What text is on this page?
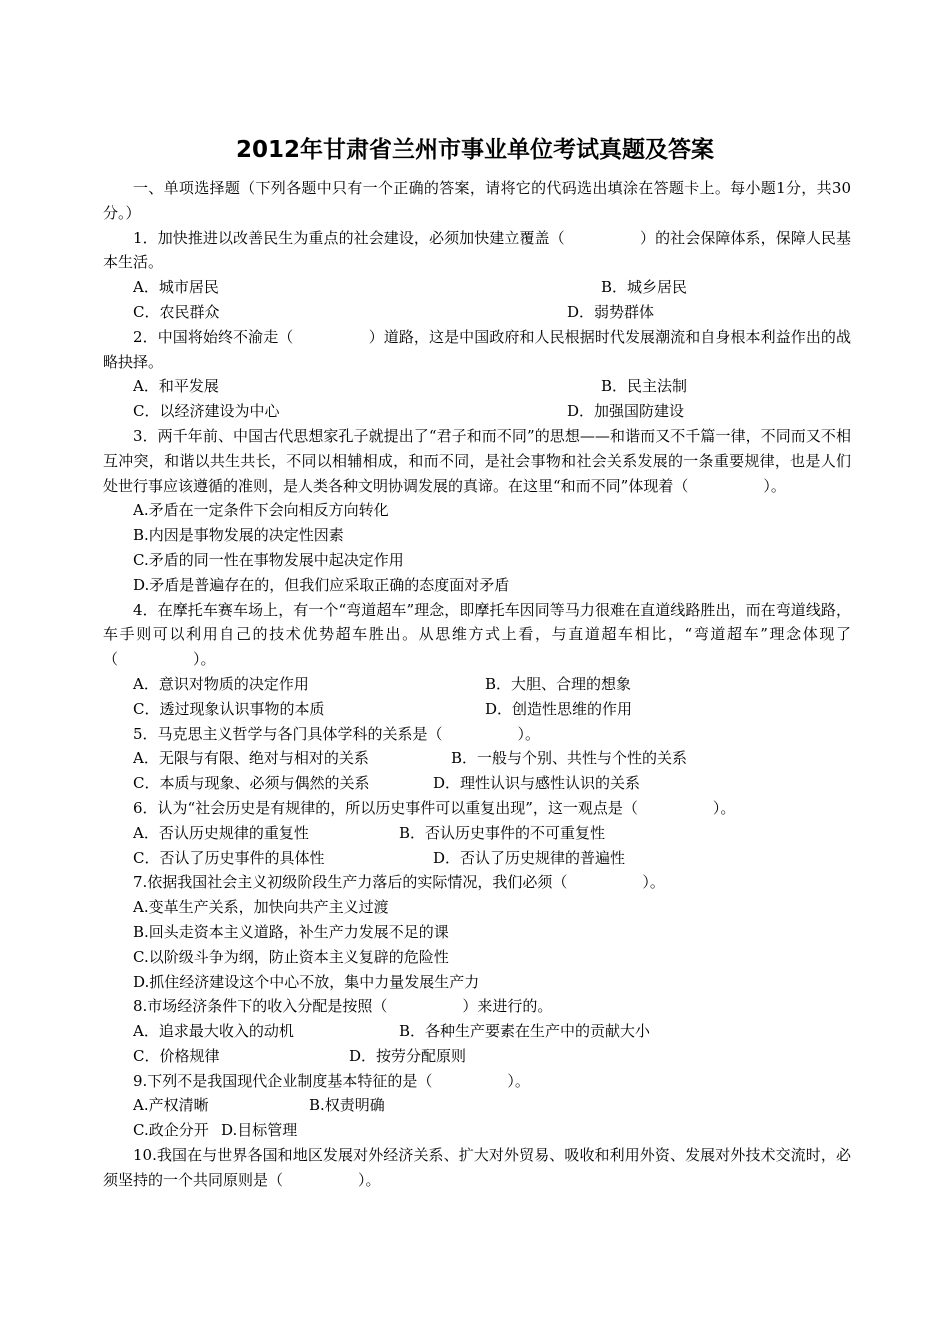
2012年甘肃省兰州市事业单位考试真题及答案

一、单项选择题（下列各题中只有一个正确的答案，请将它的代码选出填涂在答题卡上。每小题1分，共30分。）

1．加快推进以改善民生为重点的社会建设，必须加快建立覆盖（　　　　　）的社会保障体系，保障人民基本生活。

A．城市居民	B．城乡居民
C．农民群众	D．弱势群体

2．中国将始终不渝走（　　　　　）道路，这是中国政府和人民根据时代发展潮流和自身根本利益作出的战略抉择。

A．和平发展	B．民主法制
C．以经济建设为中心	D．加强国防建设

3．两千年前、中国古代思想家孔子就提出了“君子和而不同”的思想——和谐而又不千篇一律，不同而又不相互冲突，和谐以共生共长，不同以相辅相成，和而不同，是社会事物和社会关系发展的一条重要规律，也是人们处世行事应该遵循的准则，是人类各种文明协调发展的真谛。在这里“和而不同”体现着（　　　　　）。

A.矛盾在一定条件下会向相反方向转化
B.内因是事物发展的决定性因素
C.矛盾的同一性在事物发展中起决定作用
D.矛盾是普遍存在的，但我们应采取正确的态度面对矛盾

4．在摩托车赛车场上，有一个“弯道超车”理念，即摩托车因同等马力很难在直道线路胜出，而在弯道线路，车手则可以利用自己的技术优势超车胜出。从思维方式上看，与直道超车相比，“弯道超车”理念体现了（　　　　　）。

A．意识对物质的决定作用	B．大胆、合理的想象
C．透过现象认识事物的本质	D．创造性思维的作用

5．马克思主义哲学与各门具体学科的关系是（　　　　　）。

A．无限与有限、绝对与相对的关系	B．一般与个别、共性与个性的关系
C．本质与现象、必须与偶然的关系	D．理性认识与感性认识的关系

6．认为“社会历史是有规律的，所以历史事件可以重复出现”，这一观点是（　　　　　）。

A．否认历史规律的重复性	B．否认历史事件的不可重复性
C．否认了历史事件的具体性	D．否认了历史规律的普遍性

7.依据我国社会主义初级阶段生产力落后的实际情况，我们必须（　　　　　）。

A.变革生产关系，加快向共产主义过渡
B.回头走资本主义道路，补生产力发展不足的课
C.以阶级斗争为纲，防止资本主义复辟的危险性
D.抓住经济建设这个中心不放，集中力量发展生产力

8.市场经济条件下的收入分配是按照（　　　　　）来进行的。

A．追求最大收入的动机	B．各种生产要素在生产中的贡献大小
C．价格规律	D．按劳分配原则

9.下列不是我国现代企业制度基本特征的是（　　　　　）。

A.产权清晰	B.权责明确
C.政企分开 D.目标管理

10.我国在与世界各国和地区发展对外经济关系、扩大对外贸易、吸收和利用外资、发展对外技术交流时，必须坚持的一个共同原则是（　　　　　）。
